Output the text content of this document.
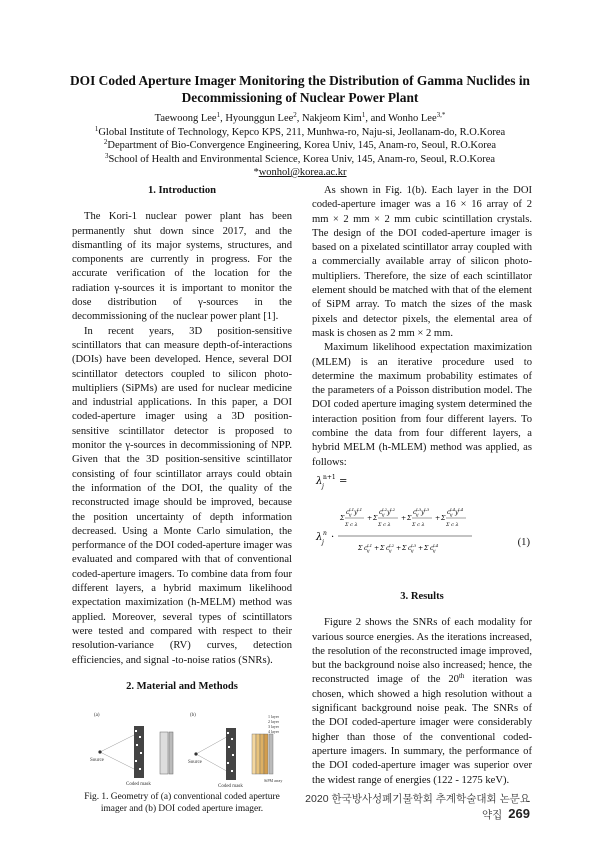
DOI Coded Aperture Imager Monitoring the Distribution of Gamma Nuclides in Decommissioning of Nuclear Power Plant
Taewoong Lee$^1$, Hyounggun Lee$^2$, Nakjeom Kim$^1$, and Wonho Lee$^{3,*}$
$^1$Global Institute of Technology, Kepco KPS, 211, Munhwa-ro, Naju-si, Jeollanam-do, R.O.Korea
$^2$Department of Bio-Convergence Engineering, Korea Univ, 145, Anam-ro, Seoul, R.O.Korea
$^3$School of Health and Environmental Science, Korea Univ, 145, Anam-ro, Seoul, R.O.Korea
*wonhol@korea.ac.kr
1. Introduction

The Kori-1 nuclear power plant has been permanently shut down since 2017, and the dismantling of its major systems, structures, and components are currently in progress. For the accurate verification of the location for the radiation γ-sources it is important to monitor the dose distribution of γ-sources in the decommissioning of the nuclear power plant [1].

In recent years, 3D position-sensitive scintillators that can measure depth-of-interactions (DOIs) have been developed. Hence, several DOI scintillator detectors coupled to silicon photo-multipliers (SiPMs) are used for nuclear medicine and industrial applications. In this paper, a DOI coded-aperture imager using a 3D position-sensitive scintillator detector is proposed to monitor the γ-sources in decommissioning of NPP. Given that the 3D position-sensitive scintillator consisting of four scintillator arrays could obtain the information of the DOI, the quality of the reconstructed image should be improved, because the position uncertainty of depth information decreased. Using a Monte Carlo simulation, the performance of the DOI coded-aperture imager was evaluated and compared with that of conventional coded-aperture imagers. To combine data from four different layers, a hybrid maximum likelihood expectation maximization (h-MELM) method was applied. Moreover, several types of scintillators were tested and compared with respect to their resolution-variance (RV) curves, detection efficiencies, and signal -to-noise ratios (SNRs).

2. Material and Methods
(a)
Source
Coded mask
(b)	1 layer
2 layer
3 layer
4 layer
SiPM array
Source
Coded mask
Fig. 1. Geometry of (a) conventional coded aperture imager and (b) DOI coded aperture imager.

As shown in Fig. 1(b). Each layer in the DOI coded-aperture imager was a 16 × 16 array of 2 mm × 2 mm × 2 mm cubic scintillation crystals. The design of the DOI coded-aperture imager is based on a pixelated scintillator array coupled with a commercially available array of silicon photo-multipliers. Therefore, the size of each scintillator element should be matched with that of the element of SiPM array. To match the sizes of the mask pixels and detector pixels, the elemental area of mask is chosen as 2 mm × 2 mm.

Maximum likelihood expectation maximization (MLEM) is an iterative procedure used to determine the maximum probability estimates of the parameters of a Poisson distribution model. The DOI coded aperture imaging system determined the interaction position from four different layers. To combine the data from four different layers, a hybrid MELM (h-MLEM) method was applied, as follows:

λ j
n+1 =
λ j
n ·
Σ
c L1
ij y L1
Σ c λ
+ Σ
c L2
ij y L2
Σ c λ
+ Σ
c L3
ij y L3
Σ c λ
+ Σ
c L4
ij y L4
Σ c λ
Σ c L1
ij + Σ c L2
ij + Σ c L3
ij + Σ c L4
ij
(1)
3. Results

Figure 2 shows the SNRs of each modality for various source energies. As the iterations increased, the resolution of the reconstructed image improved, but the background noise also increased; hence, the reconstructed image of the 20th iteration was chosen, which showed a high resolution without a significant background noise peak. The SNRs of the DOI coded-aperture imager were considerably higher than those of the conventional coded-aperture imagers. In summary, the performance of the DOI coded-aperture imager was superior over the widest range of energies (122 - 1275 keV).

2020 한국방사성폐기물학회 추계학술대회 논문요약집 269
